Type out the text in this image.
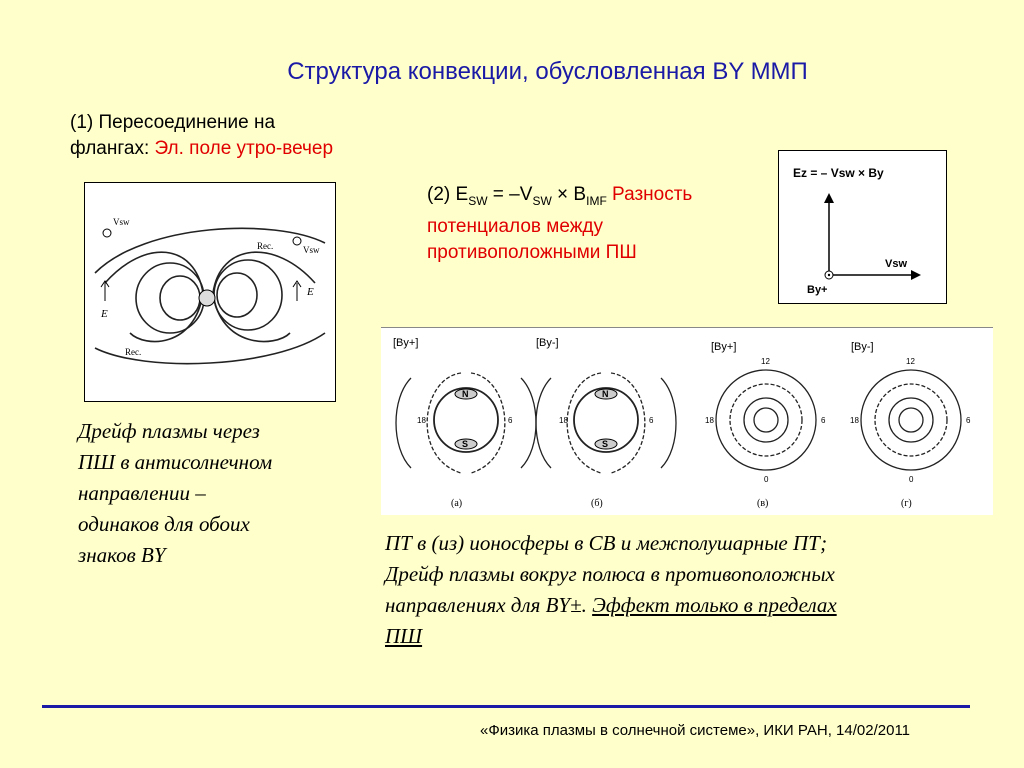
Структура конвекции, обусловленная BY ММП
(1) Пересоединение на
флангах: Эл. поле утро-вечер
(2) $E_{SW} = -V_{SW} \times B_{IMF}$ Разность
потенциалов между
противоположными ПШ
Vsw
Vsw
Rec.
Rec.
E
E
Ez = – Vsw × By
Vsw
By+
[By+]	[By-]	[By+]	[By-]
N
S
N
S
18	6	18	6
12
18	6
0
12
18	6
0
(а)	(б)	(в)	(г)
Дрейф плазмы через
ПШ в антисолнечном
направлении –
одинаков для обоих
знаков BY	ПТ в (из) ионосферы в СВ и межполушарные ПТ;
Дрейф плазмы вокруг полюса в противоположных
направлениях для BY±. Эффект только в пределах
ПШ
«Физика плазмы в солнечной системе», ИКИ РАН, 14/02/2011
